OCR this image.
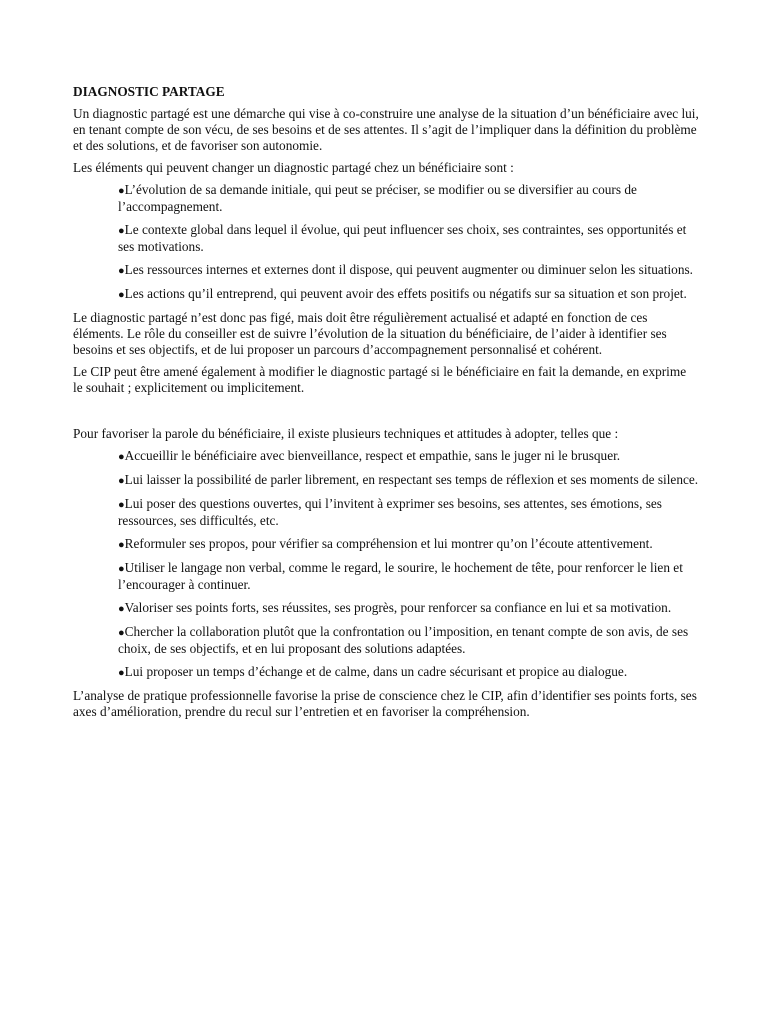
DIAGNOSTIC PARTAGE

Un diagnostic partagé est une démarche qui vise à co-construire une analyse de la situation d’un bénéficiaire avec lui, en tenant compte de son vécu, de ses besoins et de ses attentes. Il s’agit de l’impliquer dans la définition du problème et des solutions, et de favoriser son autonomie.

Les éléments qui peuvent changer un diagnostic partagé chez un bénéficiaire sont :

●L’évolution de sa demande initiale, qui peut se préciser, se modifier ou se diversifier au cours de l’accompagnement.
●Le contexte global dans lequel il évolue, qui peut influencer ses choix, ses contraintes, ses opportunités et ses motivations.
●Les ressources internes et externes dont il dispose, qui peuvent augmenter ou diminuer selon les situations.
●Les actions qu’il entreprend, qui peuvent avoir des effets positifs ou négatifs sur sa situation et son projet.

Le diagnostic partagé n’est donc pas figé, mais doit être régulièrement actualisé et adapté en fonction de ces éléments. Le rôle du conseiller est de suivre l’évolution de la situation du bénéficiaire, de l’aider à identifier ses besoins et ses objectifs, et de lui proposer un parcours d’accompagnement personnalisé et cohérent.

Le CIP peut être amené également à modifier le diagnostic partagé si le bénéficiaire en fait la demande, en exprime le souhait ; explicitement ou implicitement.

Pour favoriser la parole du bénéficiaire, il existe plusieurs techniques et attitudes à adopter, telles que :

●Accueillir le bénéficiaire avec bienveillance, respect et empathie, sans le juger ni le brusquer.
●Lui laisser la possibilité de parler librement, en respectant ses temps de réflexion et ses moments de silence.
●Lui poser des questions ouvertes, qui l’invitent à exprimer ses besoins, ses attentes, ses émotions, ses ressources, ses difficultés, etc.
●Reformuler ses propos, pour vérifier sa compréhension et lui montrer qu’on l’écoute attentivement.
●Utiliser le langage non verbal, comme le regard, le sourire, le hochement de tête, pour renforcer le lien et l’encourager à continuer.
●Valoriser ses points forts, ses réussites, ses progrès, pour renforcer sa confiance en lui et sa motivation.
●Chercher la collaboration plutôt que la confrontation ou l’imposition, en tenant compte de son avis, de ses choix, de ses objectifs, et en lui proposant des solutions adaptées.
●Lui proposer un temps d’échange et de calme, dans un cadre sécurisant et propice au dialogue.

L’analyse de pratique professionnelle favorise la prise de conscience chez le CIP, afin d’identifier ses points forts, ses axes d’amélioration, prendre du recul sur l’entretien et en favoriser la compréhension.
